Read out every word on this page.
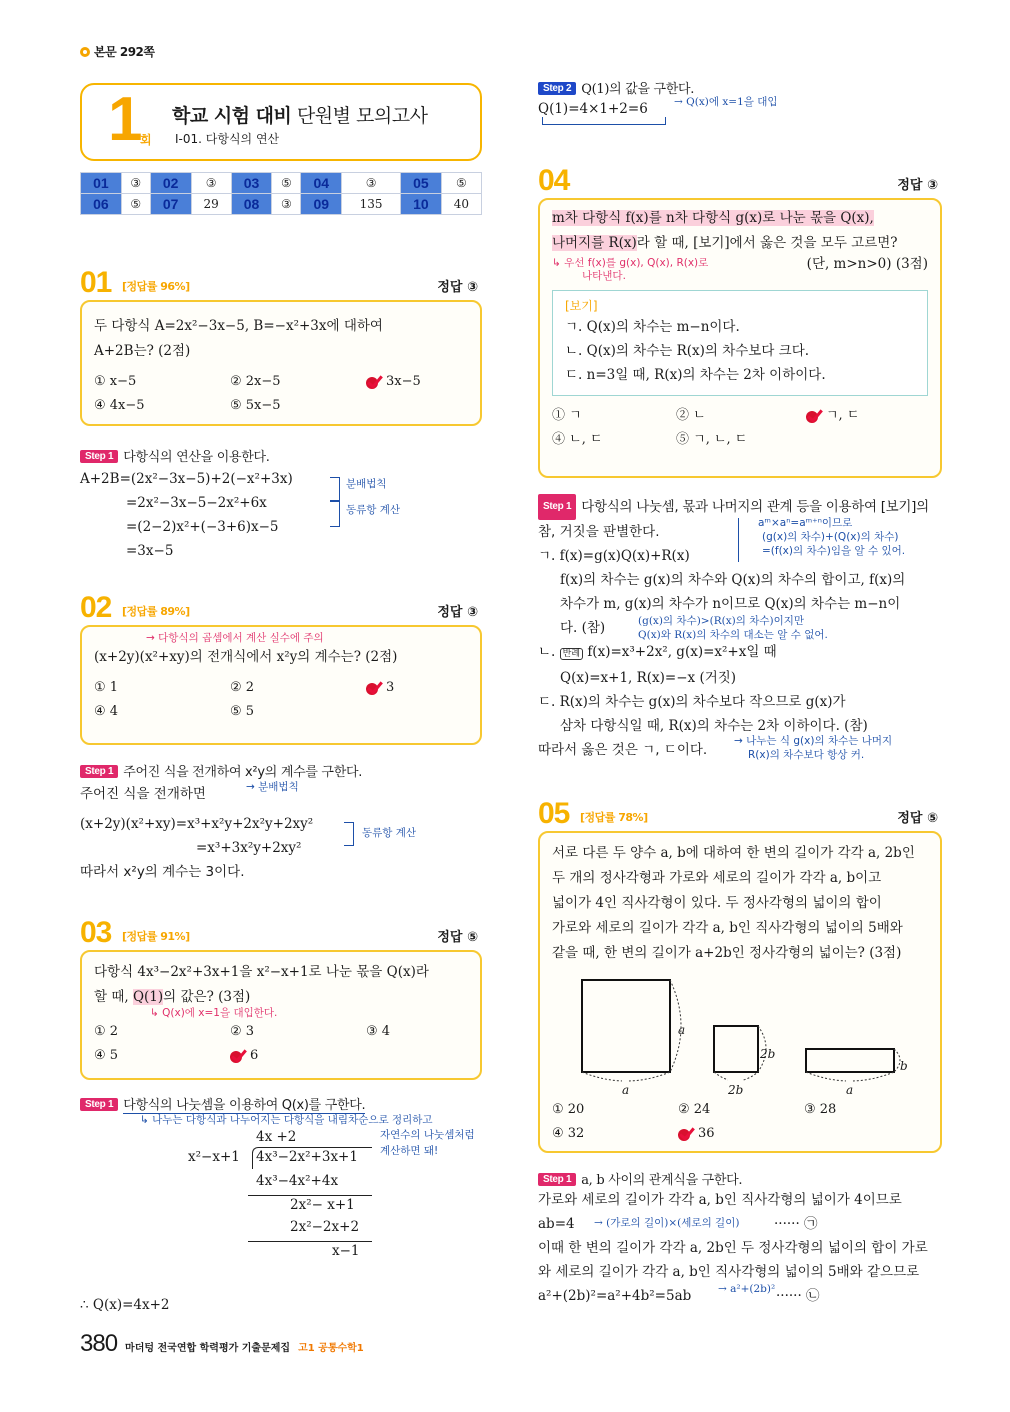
본문 292쪽
1
회
학교 시험 대비 단원별 모의고사
Ⅰ-01. 다항식의 연산
01	③	02	③	03	⑤	04	③	05	⑤
06	⑤	07	29	08	③	09	135	10	40
01 [정답률 96%]	정답 ③
두 다항식 A=2x²−3x−5, B=−x²+3x에 대하여
A+2B는? (2점)
① x−5	② 2x−5	3x−5
④ 4x−5	⑤ 5x−5
Step 1 다항식의 연산을 이용한다.
A+2B=(2x²−3x−5)+2(−x²+3x)
=2x²−3x−5−2x²+6x
=(2−2)x²+(−3+6)x−5
=3x−5
분배법칙
동류항 계산
02 [정답률 89%]	정답 ③
→ 다항식의 곱셈에서 계산 실수에 주의
(x+2y)(x²+xy)의 전개식에서 x²y의 계수는? (2점)
① 1	② 2	3
④ 4	⑤ 5
Step 1 주어진 식을 전개하여 x²y의 계수를 구한다.
주어진 식을 전개하면	→ 분배법칙
(x+2y)(x²+xy)=x³+x²y+2x²y+2xy²
=x³+3x²y+2xy²
동류항 계산
따라서 x²y의 계수는 3이다.
03 [정답률 91%]	정답 ⑤
다항식 4x³−2x²+3x+1을 x²−x+1로 나눈 몫을 Q(x)라
할 때, Q(1)의 값은? (3점)
↳ Q(x)에 x=1을 대입한다.
① 2	② 3	③ 4
④ 5	6
Step 1 다항식의 나눗셈을 이용하여 Q(x)를 구한다.
↳ 나누는 다항식과 나누어지는 다항식을 내림차순으로 정리하고
자연수의 나눗셈처럼
계산하면 돼!
4x +2
x²−x+1 4x³−2x²+3x+1
4x³−4x²+4x
2x²− x+1
2x²−2x+2
x−1
∴ Q(x)=4x+2
Step 2 Q(1)의 값을 구한다.
Q(1)=4×1+2=6 → Q(x)에 x=1을 대입
04	정답 ③
m차 다항식 f(x)를 n차 다항식 g(x)로 나눈 몫을 Q(x),
나머지를 R(x)라 할 때, [보기]에서 옳은 것을 모두 고르면?
↳ 우선 f(x)를 g(x), Q(x), R(x)로
나타낸다.
(단, m>n>0) (3점)
[보기]
ㄱ. Q(x)의 차수는 m−n이다.
ㄴ. Q(x)의 차수는 R(x)의 차수보다 크다.
ㄷ. n=3일 때, R(x)의 차수는 2차 이하이다.
① ㄱ	② ㄴ	ㄱ, ㄷ
④ ㄴ, ㄷ	⑤ ㄱ, ㄴ, ㄷ
Step 1 다항식의 나눗셈, 몫과 나머지의 관계 등을 이용하여 [보기]의
참, 거짓을 판별한다.
aᵐ×aⁿ=aᵐ⁺ⁿ이므로
(g(x)의 차수)+(Q(x)의 차수)
=(f(x)의 차수)임을 알 수 있어.
ㄱ. f(x)=g(x)Q(x)+R(x)
f(x)의 차수는 g(x)의 차수와 Q(x)의 차수의 합이고, f(x)의
차수가 m, g(x)의 차수가 n이므로 Q(x)의 차수는 m−n이
다. (참)	(g(x)의 차수)>(R(x)의 차수)이지만
Q(x)와 R(x)의 차수의 대소는 알 수 없어.
ㄴ. 반례 f(x)=x³+2x², g(x)=x²+x일 때
Q(x)=x+1, R(x)=−x (거짓)
ㄷ. R(x)의 차수는 g(x)의 차수보다 작으므로 g(x)가
삼차 다항식일 때, R(x)의 차수는 2차 이하이다. (참)
따라서 옳은 것은 ㄱ, ㄷ이다.
→ 나누는 식 g(x)의 차수는 나머지
R(x)의 차수보다 항상 커.
05 [정답률 78%]	정답 ⑤
서로 다른 두 양수 a, b에 대하여 한 변의 길이가 각각 a, 2b인
두 개의 정사각형과 가로와 세로의 길이가 각각 a, b이고
넓이가 4인 직사각형이 있다. 두 정사각형의 넓이의 합이
가로와 세로의 길이가 각각 a, b인 직사각형의 넓이의 5배와
같을 때, 한 변의 길이가 a+2b인 정사각형의 넓이는? (3점)
a
a
2b
2b
b
a
① 20	② 24	③ 28
④ 32	36
Step 1 a, b 사이의 관계식을 구한다.
가로와 세로의 길이가 각각 a, b인 직사각형의 넓이가 4이므로
ab=4 → (가로의 길이)×(세로의 길이)	······ ㉠
이때 한 변의 길이가 각각 a, 2b인 두 정사각형의 넓이의 합이 가로
와 세로의 길이가 각각 a, b인 직사각형의 넓이의 5배와 같으므로
a²+(2b)²=a²+4b²=5ab	→ a²+(2b)² ······ ㉡
380 마더텅 전국연합 학력평가 기출문제집 고1 공통수학1
